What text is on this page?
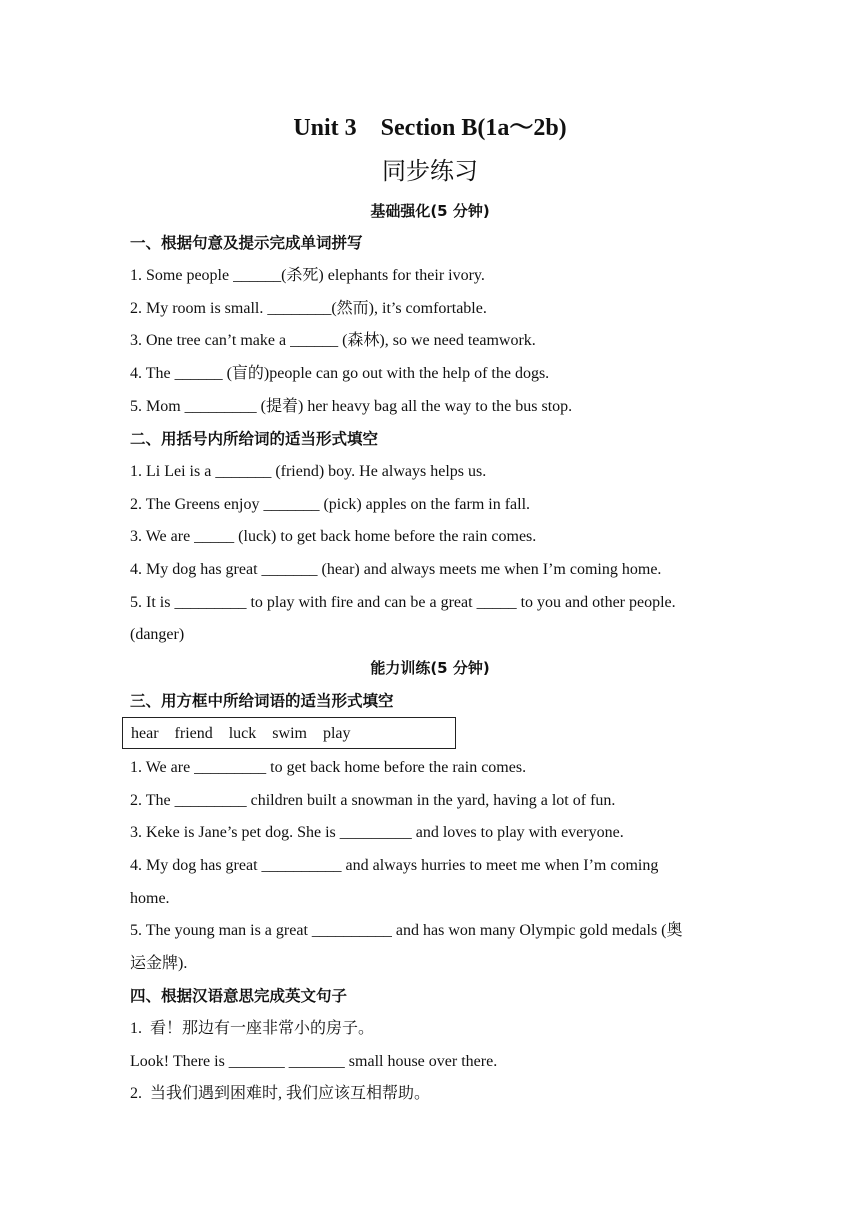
Unit 3    Section B(1a～2b)
同步练习
基础强化(5 分钟)
一、根据句意及提示完成单词拼写
1. Some people ______(杀死) elephants for their ivory.
2. My room is small. ________(然而), it’s comfortable.
3. One tree can’t make a ______ (森林), so we need teamwork.
4. The ______ (盲的)people can go out with the help of the dogs.
5. Mom _________ (提着) her heavy bag all the way to the bus stop.
二、用括号内所给词的适当形式填空
1. Li Lei is a _______ (friend) boy. He always helps us.
2. The Greens enjoy _______ (pick) apples on the farm in fall.
3. We are _____ (luck) to get back home before the rain comes.
4. My dog has great _______ (hear) and always meets me when I’m coming home.
5. It is _________ to play with fire and can be a great _____ to you and other people.
(danger)
能力训练(5 分钟)
三、用方框中所给词语的适当形式填空
hear    friend    luck    swim    play
1. We are _________ to get back home before the rain comes.
2. The _________ children built a snowman in the yard, having a lot of fun.
3. Keke is Jane’s pet dog. She is _________ and loves to play with everyone.
4. My dog has great __________ and always hurries to meet me when I’m coming
home.
5. The young man is a great __________ and has won many Olympic gold medals (奥
运金牌).
四、根据汉语意思完成英文句子
1.  看！那边有一座非常小的房子。
Look! There is _______ _______ small house over there.
2.  当我们遇到困难时, 我们应该互相帮助。
